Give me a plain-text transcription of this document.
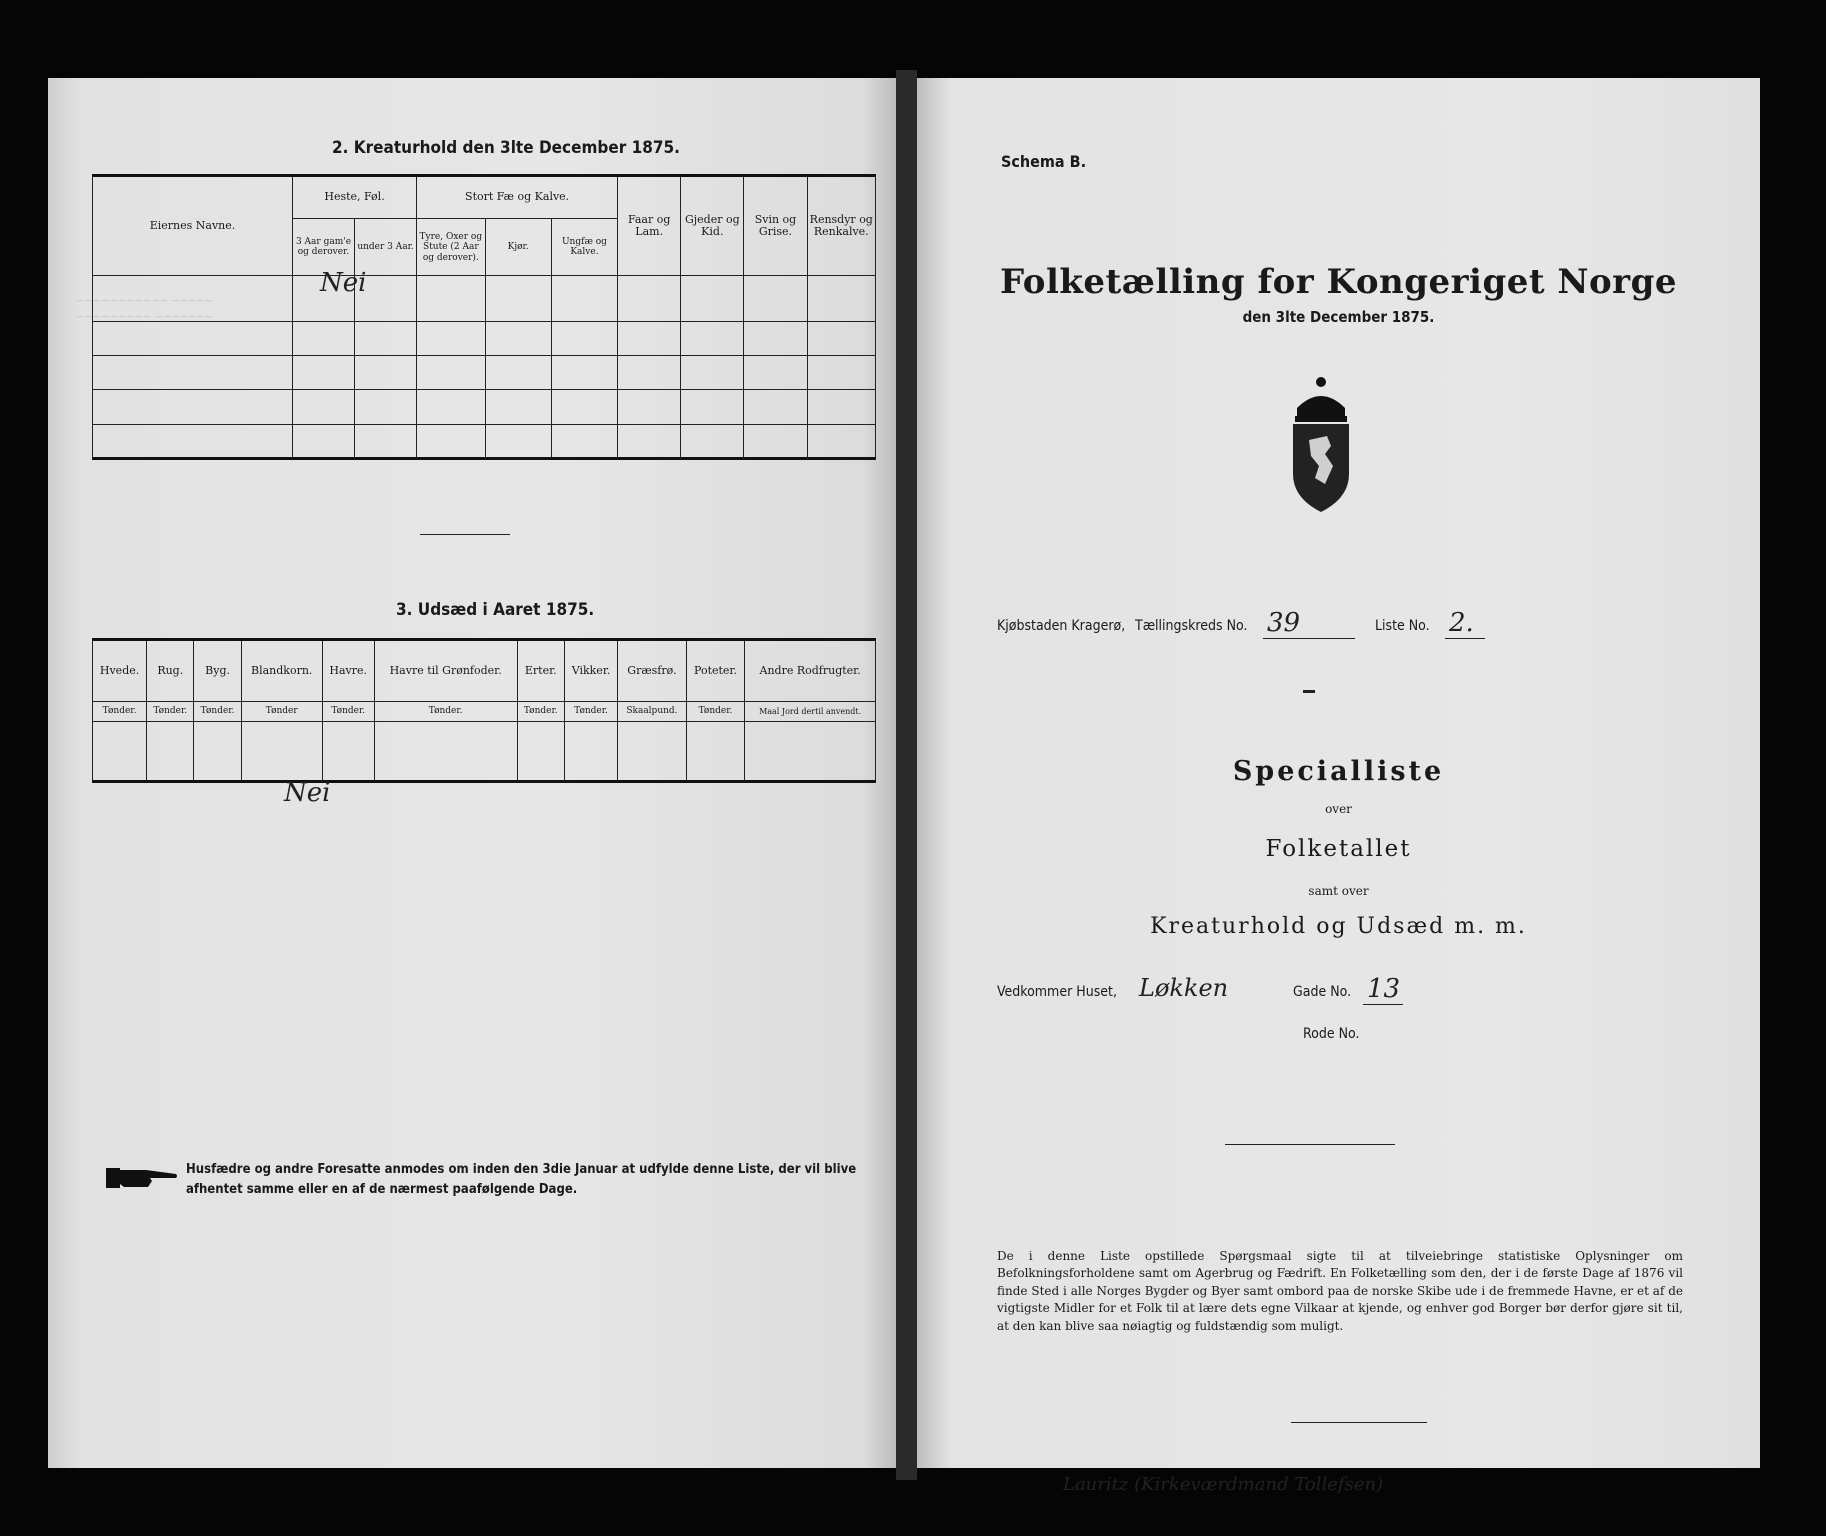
~~~~~~~~~~~ ~~~~~
~~~~~~~~~ ~~~~~~~
2. Kreaturhold den 3lte December 1875.
Eiernes Navne.	Heste, Føl.		Stort Fæ og Kalve.			Faar og Lam.	Gjeder og Kid.	Svin og Grise.	Rensdyr og Renkalve.
	3 Aar gam'e og derover.	under 3 Aar.	Tyre, Oxer og Stute (2 Aar og derover).	Kjør.	Ungfæ og Kalve.				

Nei
3. Udsæd i Aaret 1875.
Hvede.	Rug.	Byg.	Blandkorn.	Havre.	Havre til Grønfoder.	Erter.	Vikker.	Græsfrø.	Poteter.	Andre Rodfrugter.
Tønder.	Tønder.	Tønder.	Tønder	Tønder.	Tønder.	Tønder.	Tønder.	Skaalpund.	Tønder.	Maal Jord dertil anvendt.

Nei
Husfædre og andre Foresatte anmodes om inden den 3die Januar at udfylde denne Liste, der vil blive afhentet samme eller en af de nærmest paafølgende Dage.
Schema B.
Folketælling for Kongeriget Norge
den 3lte December 1875.
Kjøbstaden Kragerø, Tællingskreds No. 39	Liste No. 2.
Specialliste
over
Folketallet
samt over
Kreaturhold og Udsæd m. m.
Vedkommer Huset, Løkken	Gade No. 13
Rode No.
De i denne Liste opstillede Spørgsmaal sigte til at tilveiebringe statistiske Oplysninger om Befolkningsforholdene samt om Agerbrug og Fædrift. En Folketælling som den, der i de første Dage af 1876 vil finde Sted i alle Norges Bygder og Byer samt ombord paa de norske Skibe ude i de fremmede Havne, er et af de vigtigste Midler for et Folk til at lære dets egne Vilkaar at kjende, og enhver god Borger bør derfor gjøre sit til, at den kan blive saa nøiagtig og fuldstændig som muligt.
Lauritz (Kirkeværdmand Tollefsen)
